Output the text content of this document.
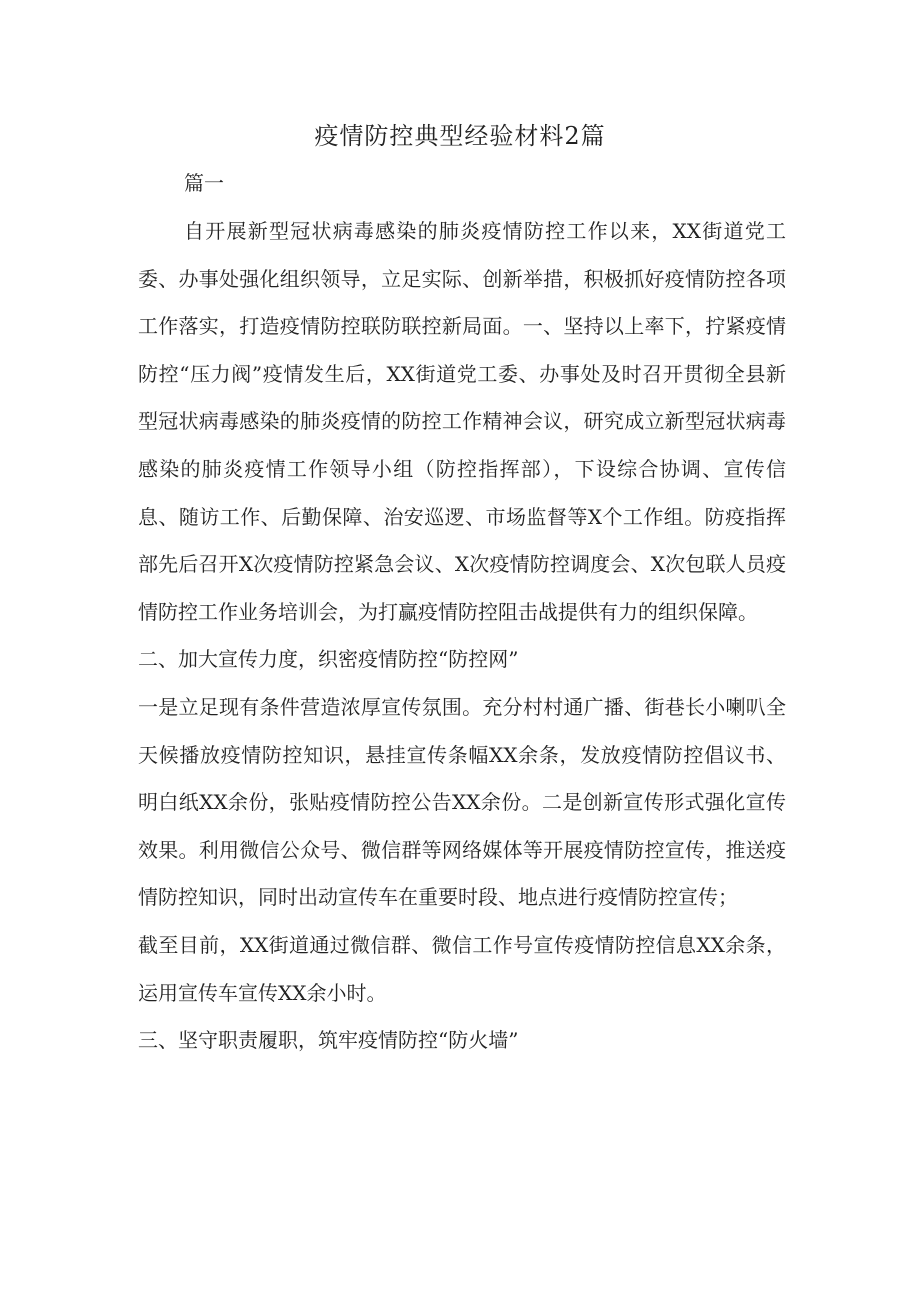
疫情防控典型经验材料2篇
篇一

自开展新型冠状病毒感染的肺炎疫情防控工作以来，XX街道党工委、办事处强化组织领导，立足实际、创新举措，积极抓好疫情防控各项工作落实，打造疫情防控联防联控新局面。一、坚持以上率下，拧紧疫情防控“压力阀”疫情发生后，XX街道党工委、办事处及时召开贯彻全县新型冠状病毒感染的肺炎疫情的防控工作精神会议，研究成立新型冠状病毒感染的肺炎疫情工作领导小组（防控指挥部），下设综合协调、宣传信息、随访工作、后勤保障、治安巡逻、市场监督等X个工作组。防疫指挥部先后召开X次疫情防控紧急会议、X次疫情防控调度会、X次包联人员疫情防控工作业务培训会，为打赢疫情防控阻击战提供有力的组织保障。

二、加大宣传力度，织密疫情防控“防控网”

一是立足现有条件营造浓厚宣传氛围。充分村村通广播、街巷长小喇叭全天候播放疫情防控知识，悬挂宣传条幅XX余条，发放疫情防控倡议书、明白纸XX余份，张贴疫情防控公告XX余份。二是创新宣传形式强化宣传效果。利用微信公众号、微信群等网络媒体等开展疫情防控宣传，推送疫情防控知识，同时出动宣传车在重要时段、地点进行疫情防控宣传；

截至目前，XX街道通过微信群、微信工作号宣传疫情防控信息XX余条，运用宣传车宣传XX余小时。

三、坚守职责履职，筑牢疫情防控“防火墙”
